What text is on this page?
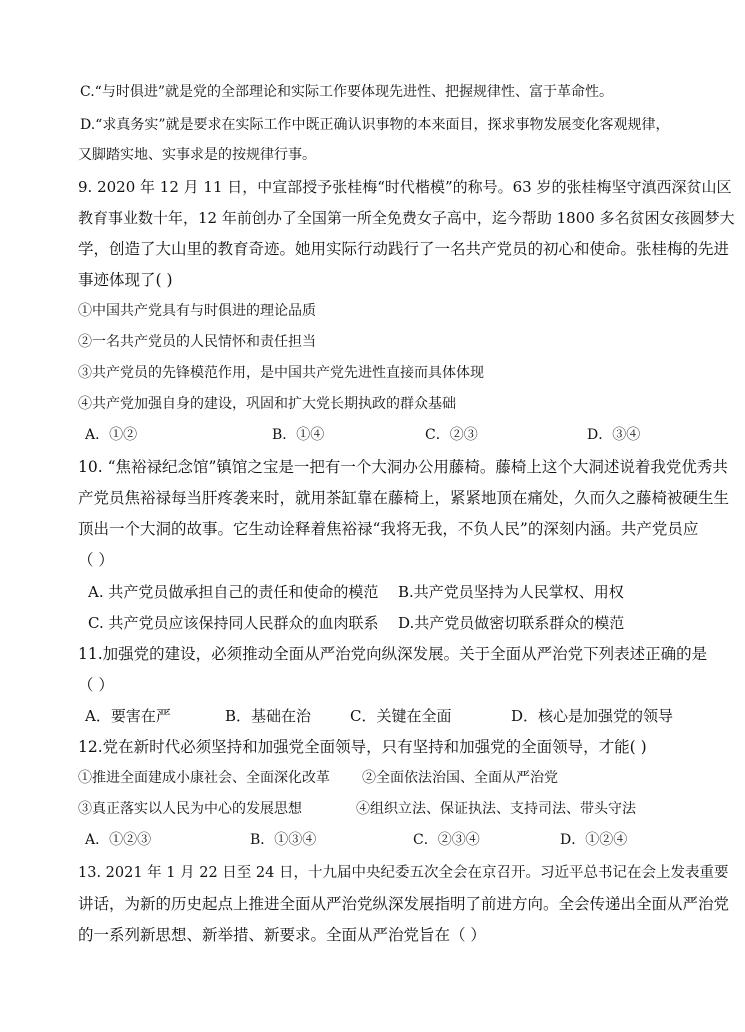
C.“与时俱进”就是党的全部理论和实际工作要体现先进性、把握规律性、富于革命性。
D.“求真务实”就是要求在实际工作中既正确认识事物的本来面目，探求事物发展变化客观规律，
又脚踏实地、实事求是的按规律行事。
9. 2020 年 12 月 11 日，中宣部授予张桂梅“时代楷模”的称号。63 岁的张桂梅坚守滇西深贫山区
教育事业数十年，12 年前创办了全国第一所全免费女子高中，迄今帮助 1800 多名贫困女孩圆梦大
学，创造了大山里的教育奇迹。她用实际行动践行了一名共产党员的初心和使命。张桂梅的先进
事迹体现了( )
①中国共产党具有与时俱进的理论品质
②一名共产党员的人民情怀和责任担当
③共产党员的先锋模范作用，是中国共产党先进性直接而具体体现
④共产党加强自身的建设，巩固和扩大党长期执政的群众基础
A．①②	B．①④	C．②③	D．③④
10. “焦裕禄纪念馆”镇馆之宝是一把有一个大洞办公用藤椅。藤椅上这个大洞述说着我党优秀共
产党员焦裕禄每当肝疼袭来时，就用茶缸靠在藤椅上，紧紧地顶在痛处，久而久之藤椅被硬生生
顶出一个大洞的故事。它生动诠释着焦裕禄“我将无我，不负人民”的深刻内涵。共产党员应
（ ）
A. 共产党员做承担自己的责任和使命的模范 B.共产党员坚持为人民掌权、用权
C. 共产党员应该保持同人民群众的血肉联系 D.共产党员做密切联系群众的模范
11.加强党的建设，必须推动全面从严治党向纵深发展。关于全面从严治党下列表述正确的是
（ ）
A．要害在严	B．基础在治	C．关键在全面	D．核心是加强党的领导
12.党在新时代必须坚持和加强党全面领导，只有坚持和加强党的全面领导，才能( )
①推进全面建成小康社会、全面深化改革 ②全面依法治国、全面从严治党
③真正落实以人民为中心的发展思想	④组织立法、保证执法、支持司法、带头守法
A．①②③	B．①③④	C．②③④	D．①②④
13. 2021 年 1 月 22 日至 24 日，十九届中央纪委五次全会在京召开。习近平总书记在会上发表重要
讲话，为新的历史起点上推进全面从严治党纵深发展指明了前进方向。全会传递出全面从严治党
的一系列新思想、新举措、新要求。全面从严治党旨在（ ）
